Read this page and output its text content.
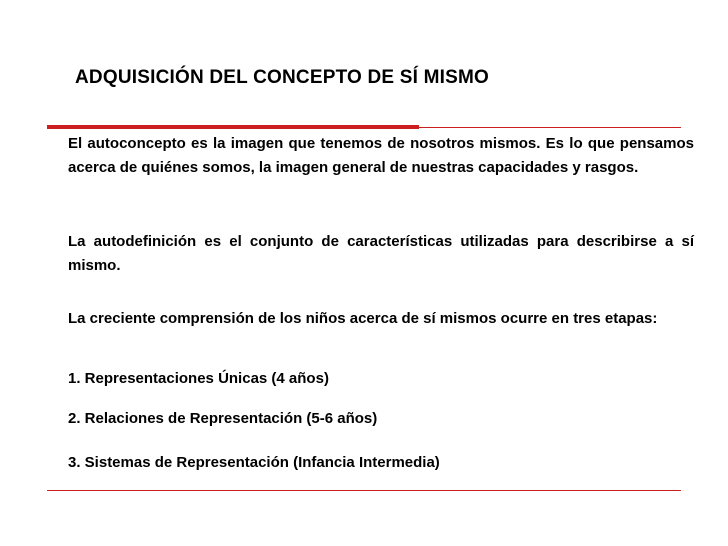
ADQUISICIÓN DEL CONCEPTO DE SÍ MISMO
El autoconcepto es la imagen que tenemos de nosotros mismos. Es lo que pensamos acerca de quiénes somos, la imagen general de nuestras capacidades y rasgos.
La autodefinición es el conjunto de características utilizadas para describirse a sí mismo.
La creciente comprensión de los niños acerca de sí mismos ocurre en tres etapas:
1. Representaciones Únicas (4 años)
2. Relaciones de Representación (5-6 años)
3. Sistemas de Representación (Infancia Intermedia)
